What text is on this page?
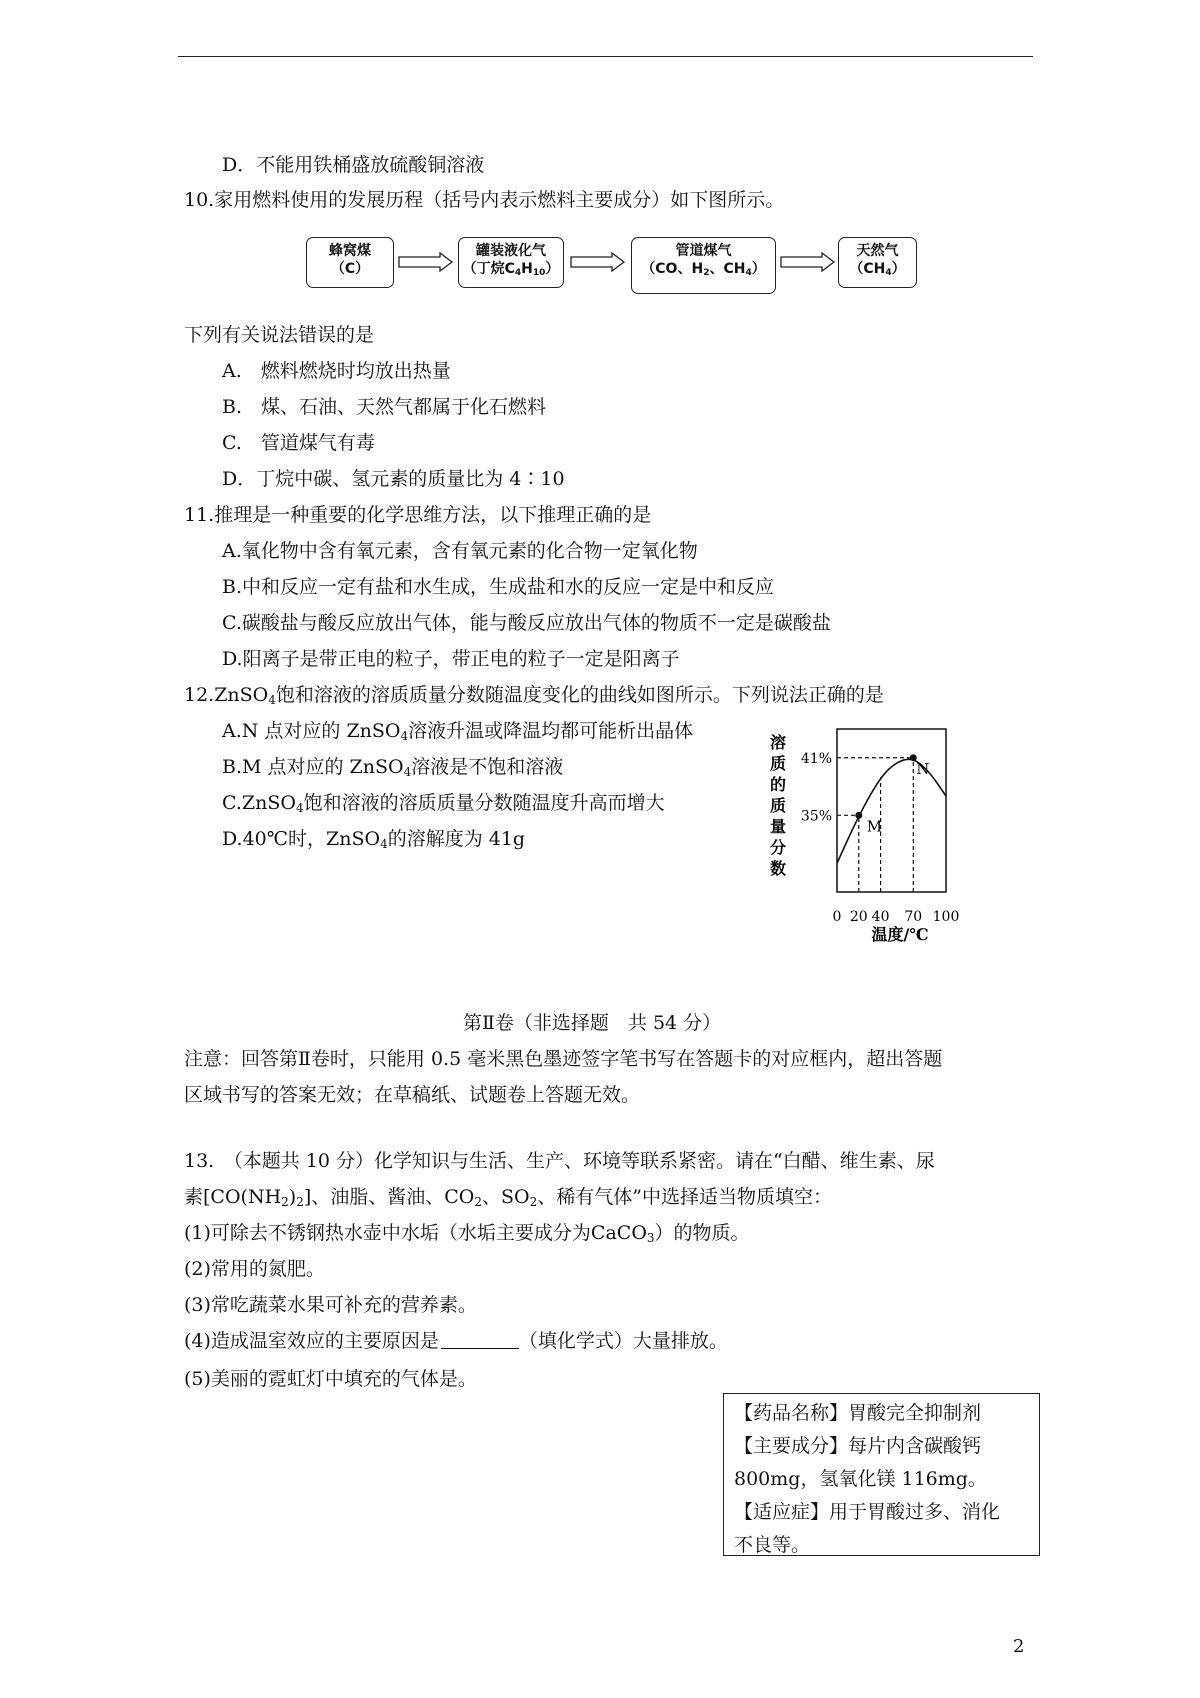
D．不能用铁桶盛放硫酸铜溶液
10.家用燃料使用的发展历程（括号内表示燃料主要成分）如下图所示。
蜂窝煤
（C）
罐装液化气
（丁烷$C_4H_{10}$）
管道煤气
（CO、$H_2$、$CH_4$）
天然气
$(CH_4)$
下列有关说法错误的是
A.　燃料燃烧时均放出热量
B.　煤、石油、天然气都属于化石燃料
C.　管道煤气有毒
D．丁烷中碳、氢元素的质量比为 4∶10
11.推理是一种重要的化学思维方法，以下推理正确的是
A.氧化物中含有氧元素，含有氧元素的化合物一定氧化物
B.中和反应一定有盐和水生成，生成盐和水的反应一定是中和反应
C.碳酸盐与酸反应放出气体，能与酸反应放出气体的物质不一定是碳酸盐
D.阳离子是带正电的粒子，带正电的粒子一定是阳离子
12.ZnSO$_4$饱和溶液的溶质质量分数随温度变化的曲线如图所示。下列说法正确的是
A.N 点对应的 ZnSO$_4$溶液升温或降温均都可能析出晶体
B.M 点对应的 ZnSO$_4$溶液是不饱和溶液
C.ZnSO$_4$饱和溶液的溶质质量分数随温度升高而增大
D.40℃时，ZnSO$_4$的溶解度为 41g
溶
质
的
质
量
分
数
M
N
35%
41%
0 20 40 70 100
温度/℃
第Ⅱ卷（非选择题　共 54 分）
注意：回答第Ⅱ卷时，只能用 0.5 毫米黑色墨迹签字笔书写在答题卡的对应框内，超出答题
区域书写的答案无效；在草稿纸、试题卷上答题无效。
13.　（本题共 10 分）化学知识与生活、生产、环境等联系紧密。请在“白醋、维生素、尿
素$[CO(NH_2)_2]$、油脂、酱油、$CO_2$、$SO_2$、稀有气体”中选择适当物质填空：
(1)可除去不锈钢热水壶中水垢（水垢主要成分为CaCO$_3$）的物质。
(2)常用的氮肥。
(3)常吃蔬菜水果可补充的营养素。
(4)造成温室效应的主要原因是	（填化学式）大量排放。
(5)美丽的霓虹灯中填充的气体是。
【药品名称】胃酸完全抑制剂
【主要成分】每片内含碳酸钙
800mg，氢氧化镁 116mg。
【适应症】用于胃酸过多、消化
不良等。
2
